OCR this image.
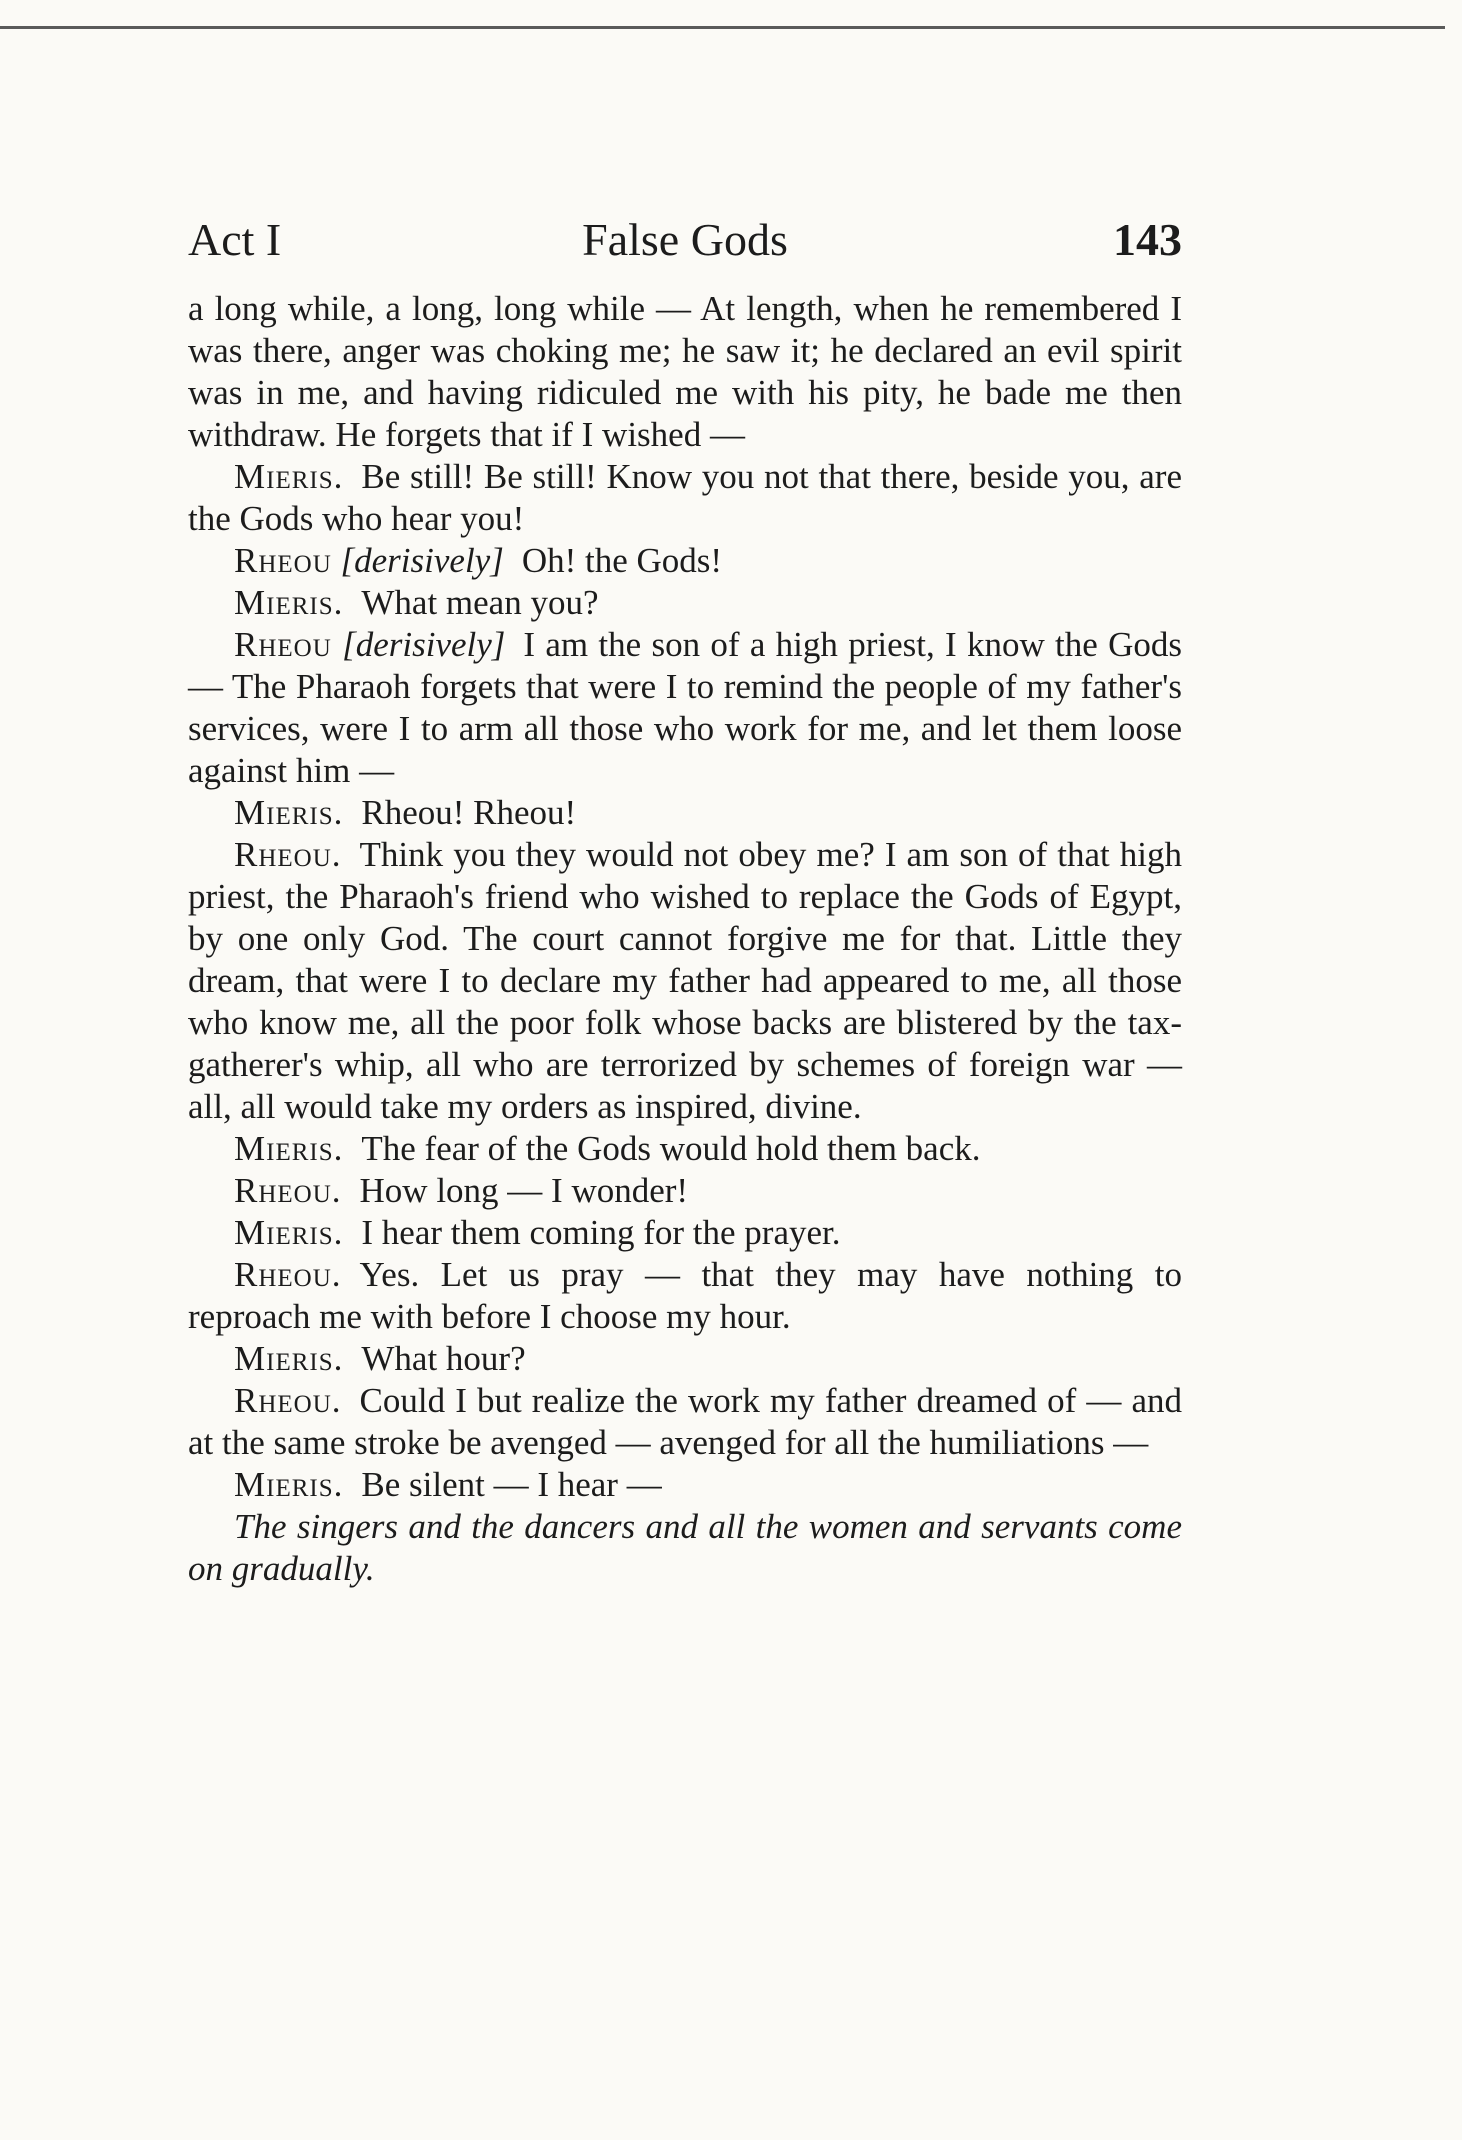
Act I	False Gods	143

a long while, a long, long while — At length, when he remembered I was there, anger was choking me; he saw it; he declared an evil spirit was in me, and having ridiculed me with his pity, he bade me then withdraw. He forgets that if I wished —

Mieris. Be still! Be still! Know you not that there, beside you, are the Gods who hear you!

Rheou [derisively] Oh! the Gods!

Mieris. What mean you?

Rheou [derisively] I am the son of a high priest, I know the Gods — The Pharaoh forgets that were I to remind the people of my father's services, were I to arm all those who work for me, and let them loose against him —

Mieris. Rheou! Rheou!

Rheou. Think you they would not obey me? I am son of that high priest, the Pharaoh's friend who wished to replace the Gods of Egypt, by one only God. The court cannot forgive me for that. Little they dream, that were I to declare my father had appeared to me, all those who know me, all the poor folk whose backs are blistered by the tax-gatherer's whip, all who are terrorized by schemes of foreign war — all, all would take my orders as inspired, divine.

Mieris. The fear of the Gods would hold them back.

Rheou. How long — I wonder!

Mieris. I hear them coming for the prayer.

Rheou. Yes. Let us pray — that they may have nothing to reproach me with before I choose my hour.

Mieris. What hour?

Rheou. Could I but realize the work my father dreamed of — and at the same stroke be avenged — avenged for all the humiliations —

Mieris. Be silent — I hear —

The singers and the dancers and all the women and servants come on gradually.
